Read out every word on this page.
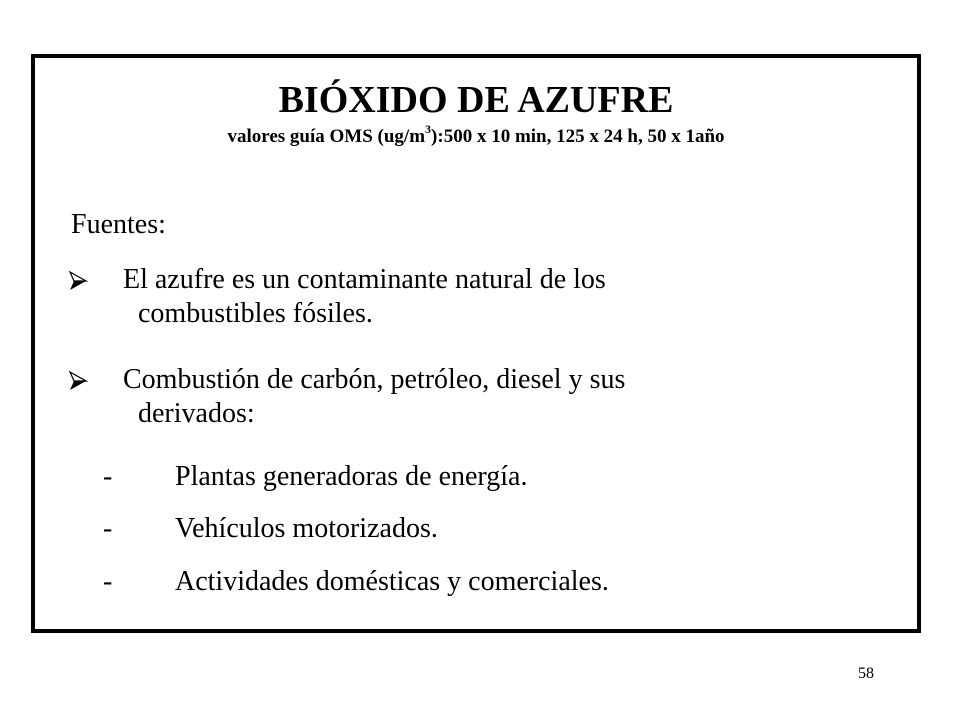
BIÓXIDO DE AZUFRE
valores guía OMS $(ug/m^3):500$ x 10 min, 125 x 24 h, 50 x 1año
Fuentes:
El azufre es un contaminante natural de los
combustibles fósiles.
Combustión de carbón, petróleo, diesel y sus
derivados:
- Plantas generadoras de energía.
- Vehículos motorizados.
- Actividades domésticas y comerciales.
58
